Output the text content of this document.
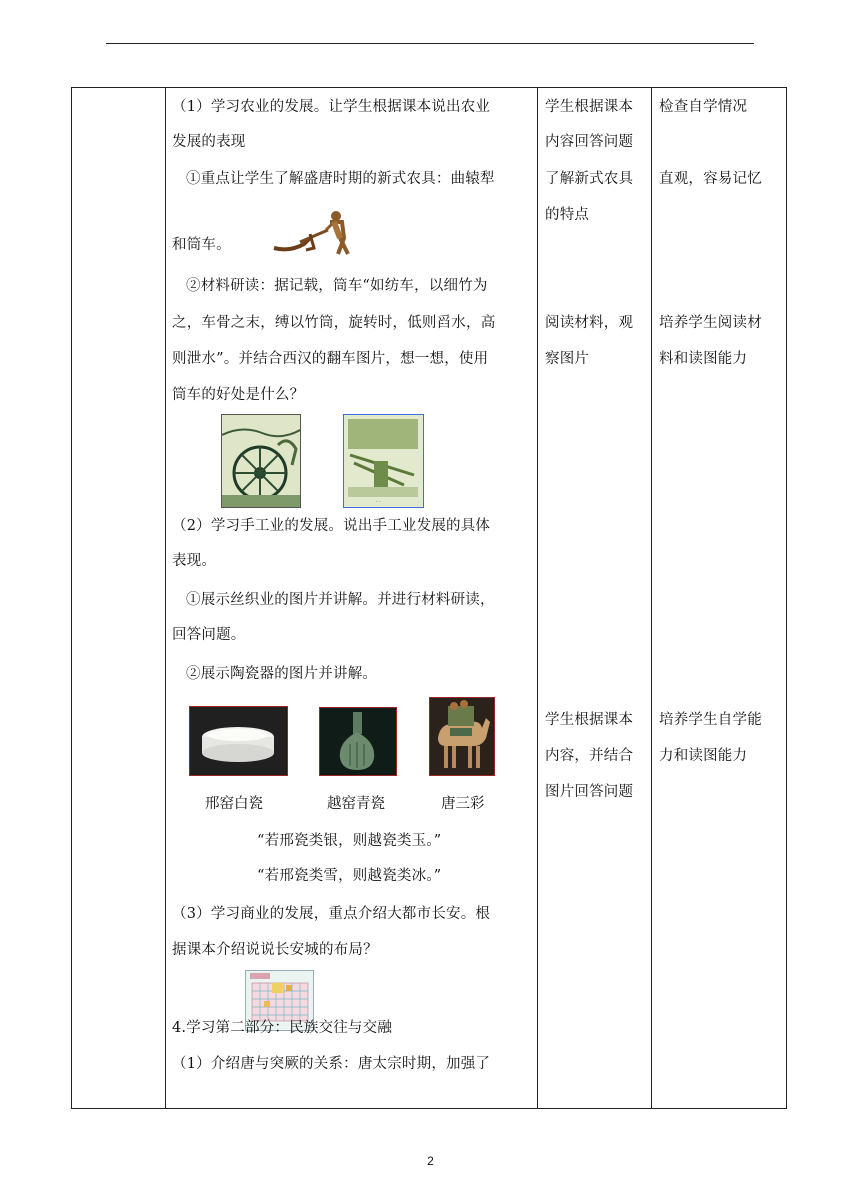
（1）学习农业的发展。让学生根据课本说出农业
发展的表现
①重点让学生了解盛唐时期的新式农具：曲辕犁
和筒车。
②材料研读：据记载，筒车“如纺车，以细竹为
之，车骨之末，缚以竹筒，旋转时，低则舀水，高
则泄水”。并结合西汉的翻车图片，想一想，使用
筒车的好处是什么？
- -
（2）学习手工业的发展。说出手工业发展的具体
表现。
①展示丝织业的图片并讲解。并进行材料研读，
回答问题。
②展示陶瓷器的图片并讲解。
邢窑白瓷	越窑青瓷	唐三彩
“若邢瓷类银，则越瓷类玉。”
“若邢瓷类雪，则越瓷类冰。”
（3）学习商业的发展，重点介绍大都市长安。根
据课本介绍说说长安城的布局？
4.学习第二部分：民族交往与交融
（1）介绍唐与突厥的关系：唐太宗时期，加强了
学生根据课本
内容回答问题
了解新式农具
的特点
阅读材料，观
察图片
学生根据课本
内容，并结合
图片回答问题
检查自学情况
直观，容易记忆
培养学生阅读材
料和读图能力
培养学生自学能
力和读图能力
2
